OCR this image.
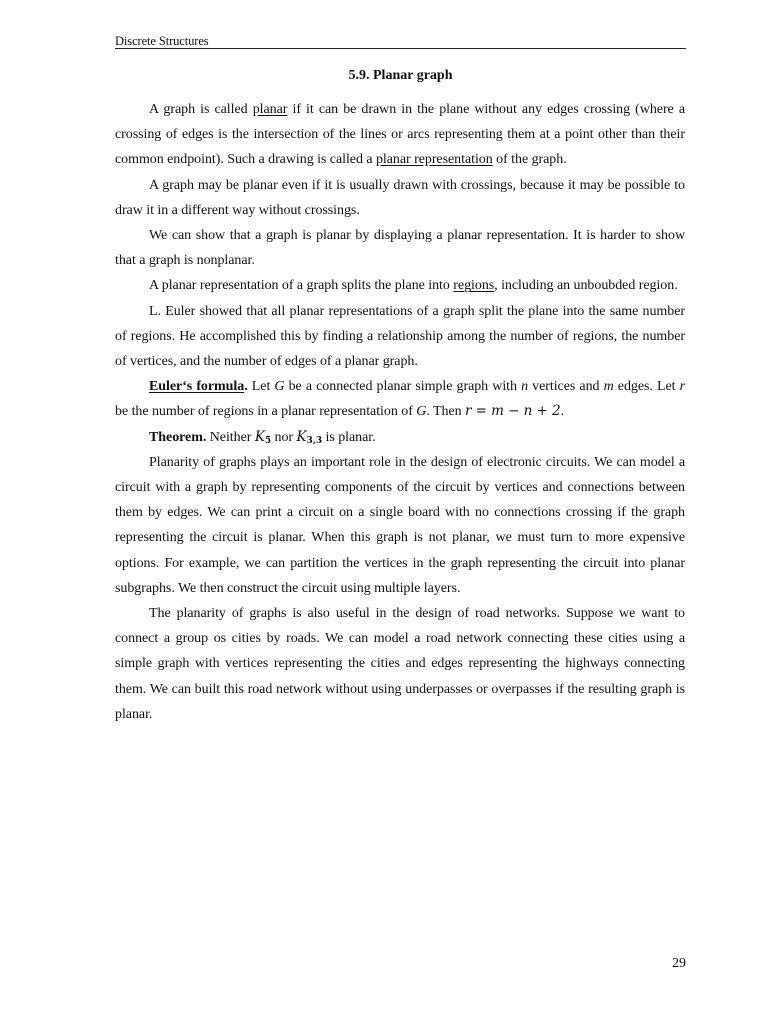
Discrete Structures
5.9. Planar graph

A graph is called planar if it can be drawn in the plane without any edges crossing (where a crossing of edges is the intersection of the lines or arcs representing them at a point other than their common endpoint). Such a drawing is called a planar representation of the graph.

A graph may be planar even if it is usually drawn with crossings, because it may be possible to draw it in a different way without crossings.

We can show that a graph is planar by displaying a planar representation. It is harder to show that a graph is nonplanar.

A planar representation of a graph splits the plane into regions, including an unboubded region.

L. Euler showed that all planar representations of a graph split the plane into the same number of regions. He accomplished this by finding a relationship among the number of regions, the number of vertices, and the number of edges of a planar graph.

Euler‘s formula. Let G be a connected planar simple graph with n vertices and m edges. Let r be the number of regions in a planar representation of G. Then r = m − n + 2.

Theorem. Neither $K_5$ nor $K_{3,3}$ is planar.

Planarity of graphs plays an important role in the design of electronic circuits. We can model a circuit with a graph by representing components of the circuit by vertices and connections between them by edges. We can print a circuit on a single board with no connections crossing if the graph representing the circuit is planar. When this graph is not planar, we must turn to more expensive options. For example, we can partition the vertices in the graph representing the circuit into planar subgraphs. We then construct the circuit using multiple layers.

The planarity of graphs is also useful in the design of road networks. Suppose we want to connect a group os cities by roads. We can model a road network connecting these cities using a simple graph with vertices representing the cities and edges representing the highways connecting them. We can built this road network without using underpasses or overpasses if the resulting graph is planar.

29
